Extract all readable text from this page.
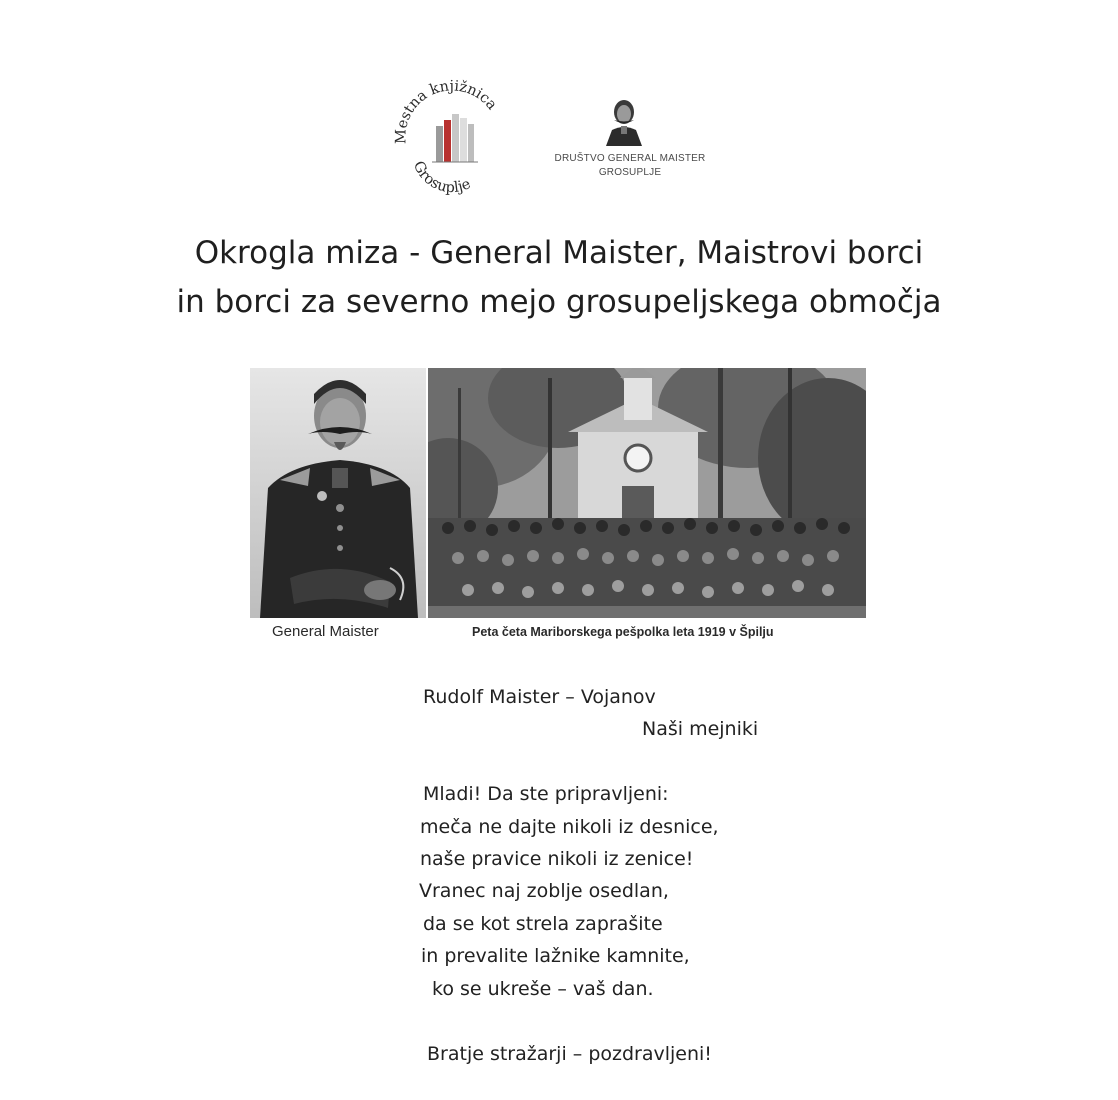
Mestna knjižnica
Grosuplje
DRUŠTVO GENERAL MAISTER
GROSUPLJE
Okrogla miza - General Maister, Maistrovi borci
in borci za severno mejo grosupeljskega območja
General Maister	Peta četa Mariborskega pešpolka leta 1919 v Špilju
Rudolf Maister – Vojanov
Naši mejniki
Mladi! Da ste pripravljeni:
meča ne dajte nikoli iz desnice,
naše pravice nikoli iz zenice!
Vranec naj zoblje osedlan,
da se kot strela zaprašite
in prevalite lažnike kamnite,
ko se ukreše – vaš dan.
Bratje stražarji – pozdravljeni!
